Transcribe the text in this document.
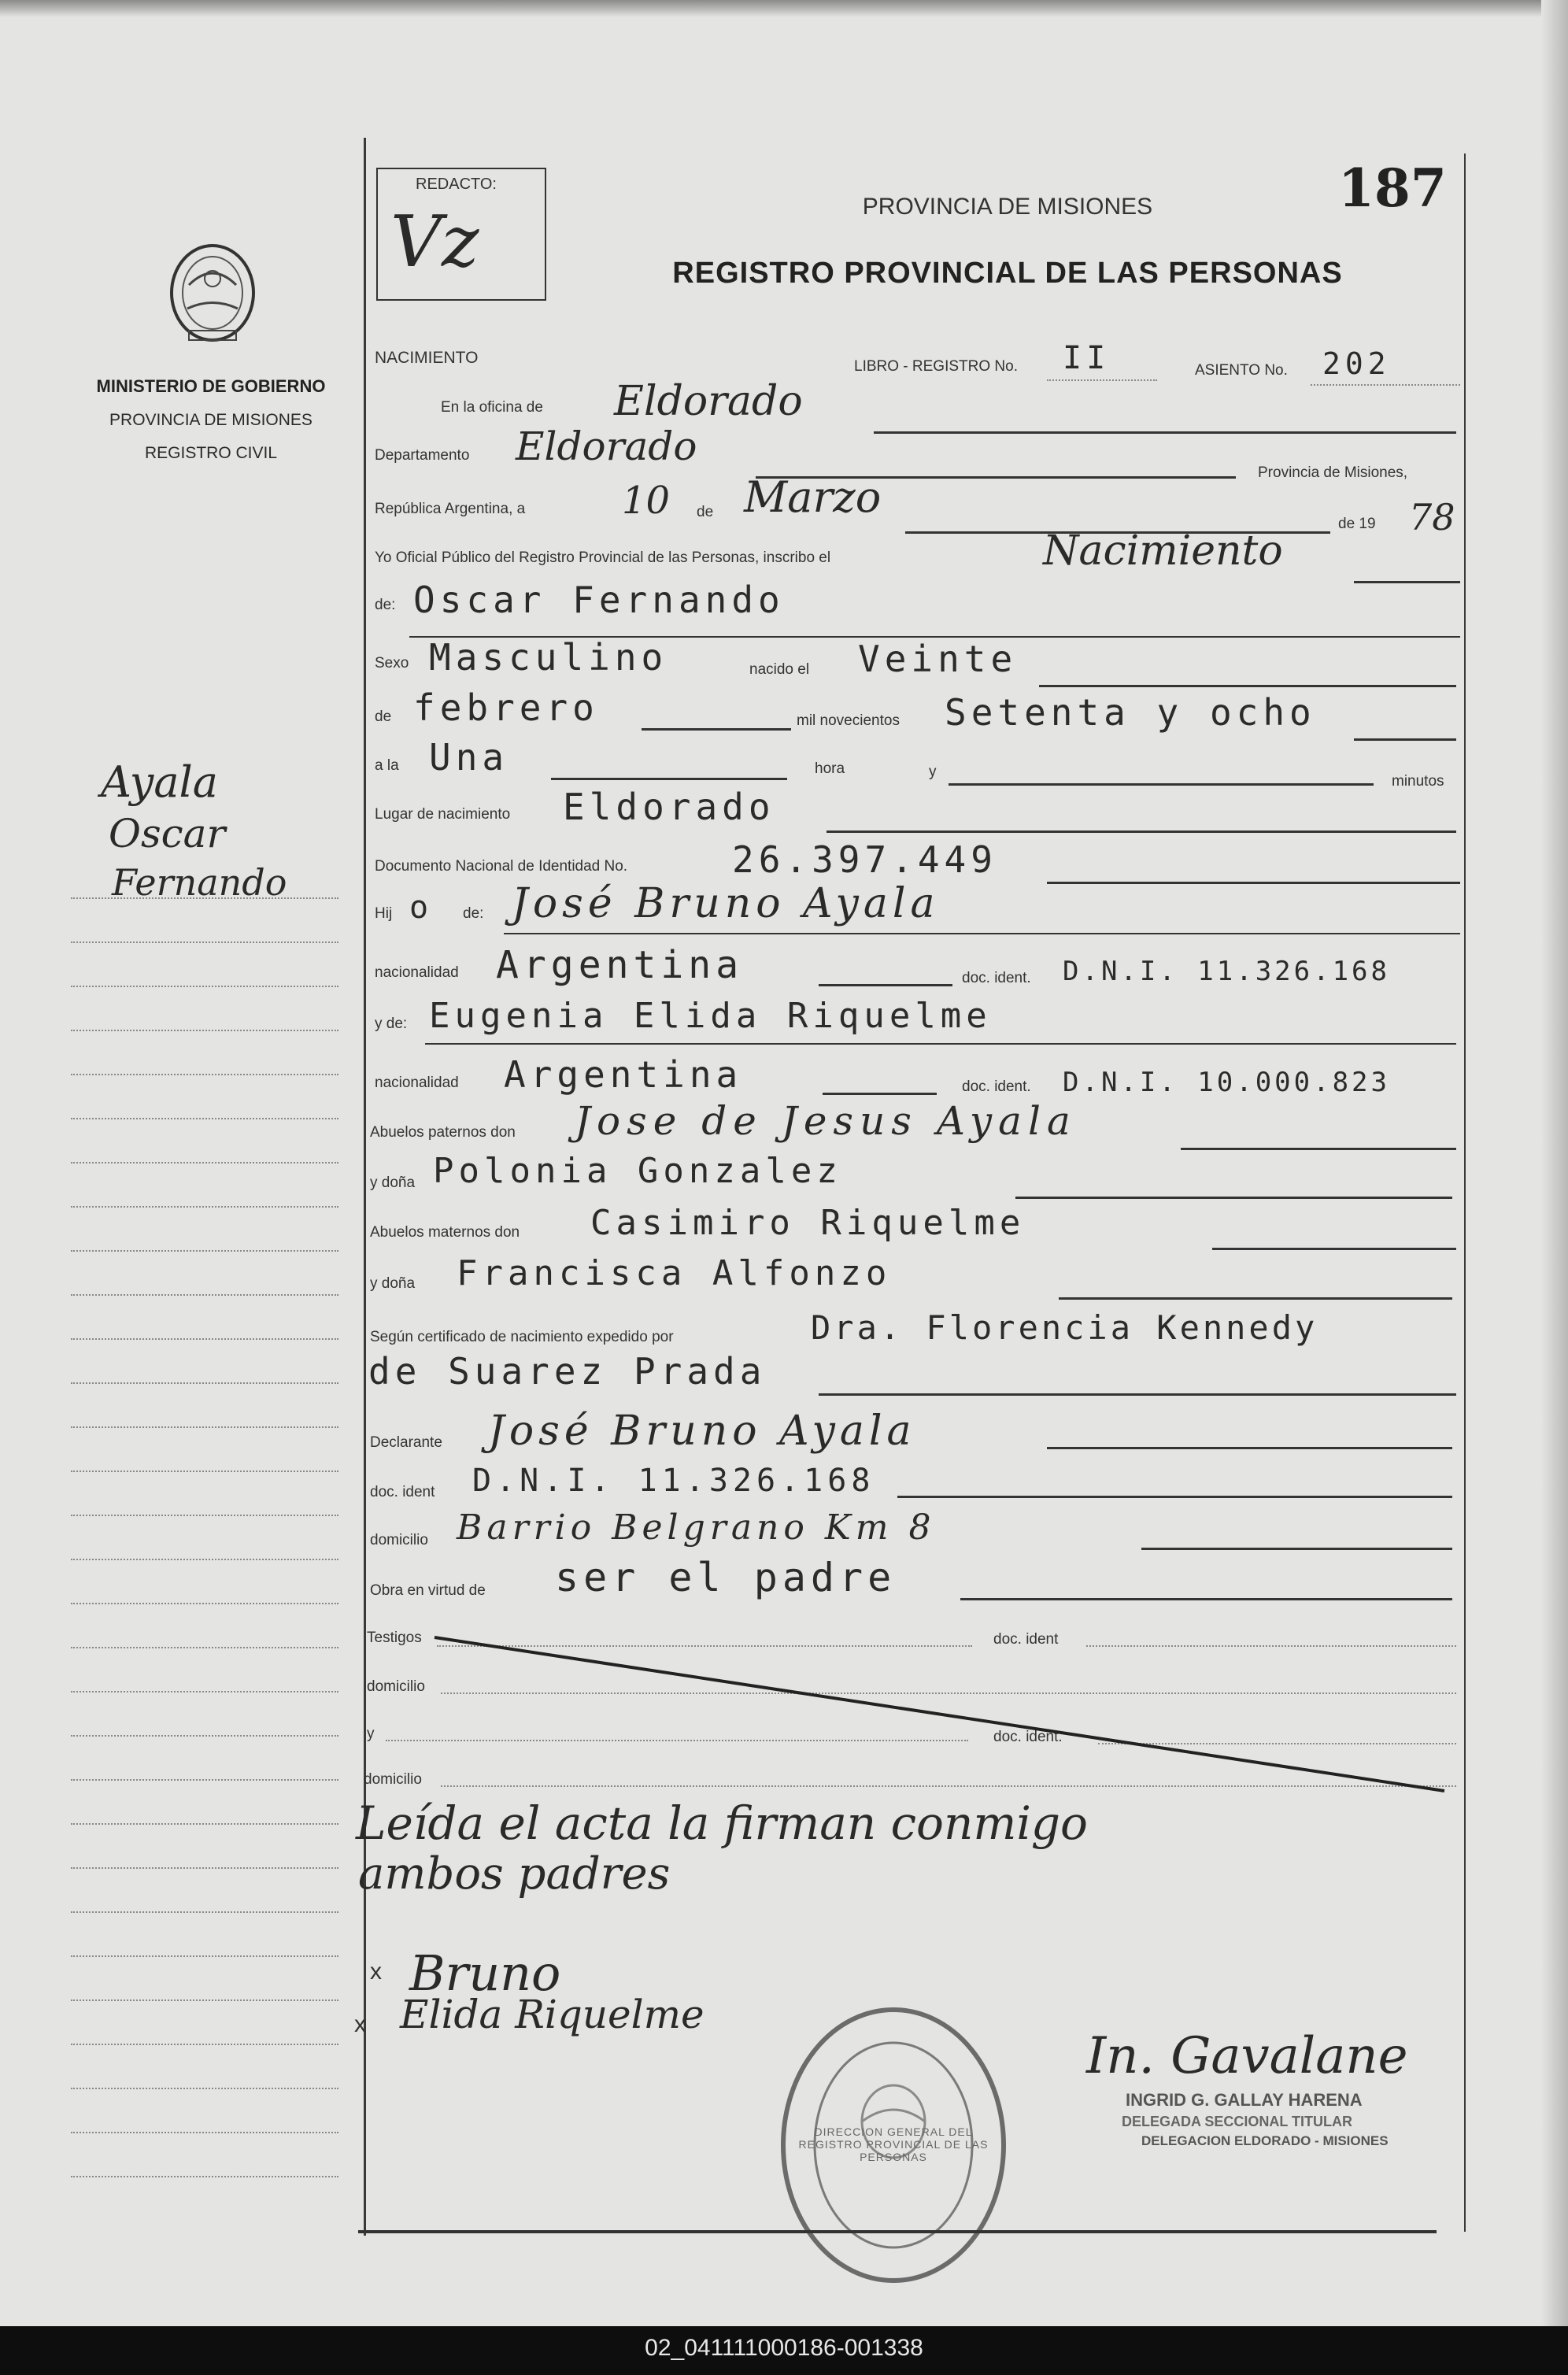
MINISTERIO DE GOBIERNO
PROVINCIA DE MISIONES
REGISTRO CIVIL
Ayala
Oscar
Fernando
REDACTO:
Vz	PROVINCIA DE MISIONES
REGISTRO PROVINCIAL DE LAS PERSONAS
187
NACIMIENTO	LIBRO - REGISTRO No. II	ASIENTO No. 202
En la oficina de Eldorado
Departamento Eldorado
Provincia de Misiones,
República Argentina, a	10 de Marzo
de 19 78
Yo Oficial Público del Registro Provincial de las Personas, inscribo el	Nacimiento
de: Oscar Fernando
Sexo Masculino	nacido el Veinte
de febrero	mil novecientos Setenta y ocho
a la Una	hora	y
minutos
Lugar de nacimiento Eldorado
Documento Nacional de Identidad No.	26.397.449
Hij o de: José Bruno Ayala
nacionalidad Argentina	doc. ident. D.N.I. 11.326.168
y de: Eugenia Elida Riquelme
nacionalidad Argentina	doc. ident. D.N.I. 10.000.823
Abuelos paternos don Jose de Jesus Ayala
y doña Polonia Gonzalez
Abuelos maternos don Casimiro Riquelme
y doña Francisca Alfonzo
Según certificado de nacimiento expedido por	Dra. Florencia Kennedy
de Suarez Prada
Declarante José Bruno Ayala
doc. ident D.N.I. 11.326.168
domicilio Barrio Belgrano Km 8
Obra en virtud de ser el padre
Testigos	doc. ident
domicilio
y	doc. ident.
domicilio
Leída el acta la firman conmigo
ambos padres
Bruno
Elida Riquelme
x
x
DIRECCION GENERAL DEL REGISTRO PROVINCIAL DE LAS PERSONAS
In. Gavalane
INGRID G. GALLAY HARENA
DELEGADA SECCIONAL TITULAR
DELEGACION ELDORADO - MISIONES
02_041111000186-001338
